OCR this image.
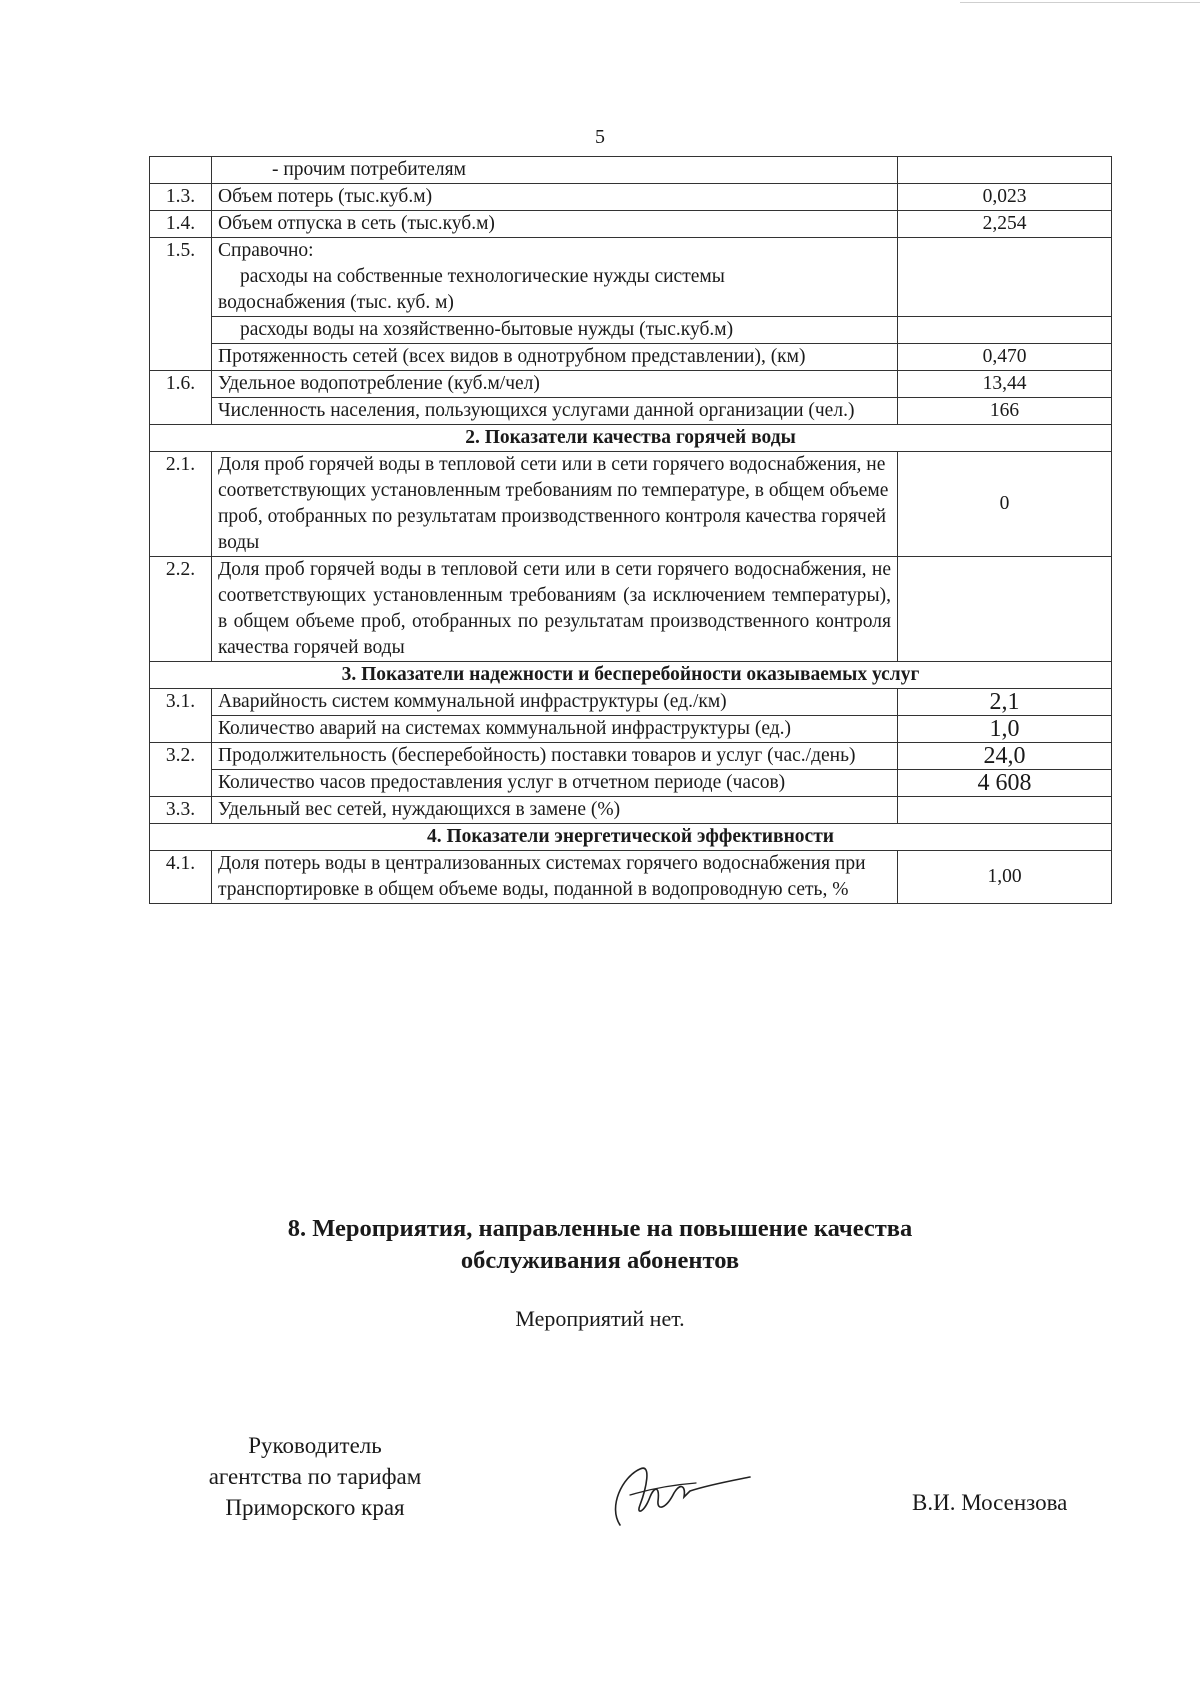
5
	- прочим потребителям	
1.3.	Объем потерь (тыс.куб.м)	0,023
1.4.	Объем отпуска в сеть (тыс.куб.м)	2,254
1.5.	Справочно:

расходы на собственные технологические нужды системы
водоснабжения (тыс. куб. м)	
	расходы воды на хозяйственно-бытовые нужды (тыс.куб.м)	
	Протяженность сетей (всех видов в однотрубном представлении), (км)	0,470
1.6.	Удельное водопотребление (куб.м/чел)	13,44
	Численность населения, пользующихся услугами данной организации (чел.)	166
2. Показатели качества горячей воды		
2.1.	Доля проб горячей воды в тепловой сети или в сети горячего водоснабжения, не соответствующих установленным требованиям по температуре, в общем объеме проб, отобранных по результатам производственного контроля качества горячей воды	0
2.2.	Доля проб горячей воды в тепловой сети или в сети горячего водоснабжения, не соответствующих установленным требованиям (за исключением температуры), в общем объеме проб, отобранных по результатам производственного контроля качества горячей воды	
3. Показатели надежности и бесперебойности оказываемых услуг		
3.1.	Аварийность систем коммунальной инфраструктуры (ед./км)	2,1
	Количество аварий на системах коммунальной инфраструктуры (ед.)	1,0
3.2.	Продолжительность (бесперебойность) поставки товаров и услуг (час./день)	24,0
	Количество часов предоставления услуг в отчетном периоде (часов)	4 608
3.3.	Удельный вес сетей, нуждающихся в замене (%)	
4. Показатели энергетической эффективности		
4.1.	Доля потерь воды в централизованных системах горячего водоснабжения при транспортировке в общем объеме воды, поданной в водопроводную сеть, %	1,00
8. Мероприятия, направленные на повышение качества
обслуживания абонентов
Мероприятий нет.
Руководитель
агентства по тарифам
Приморского края	В.И. Мосензова
